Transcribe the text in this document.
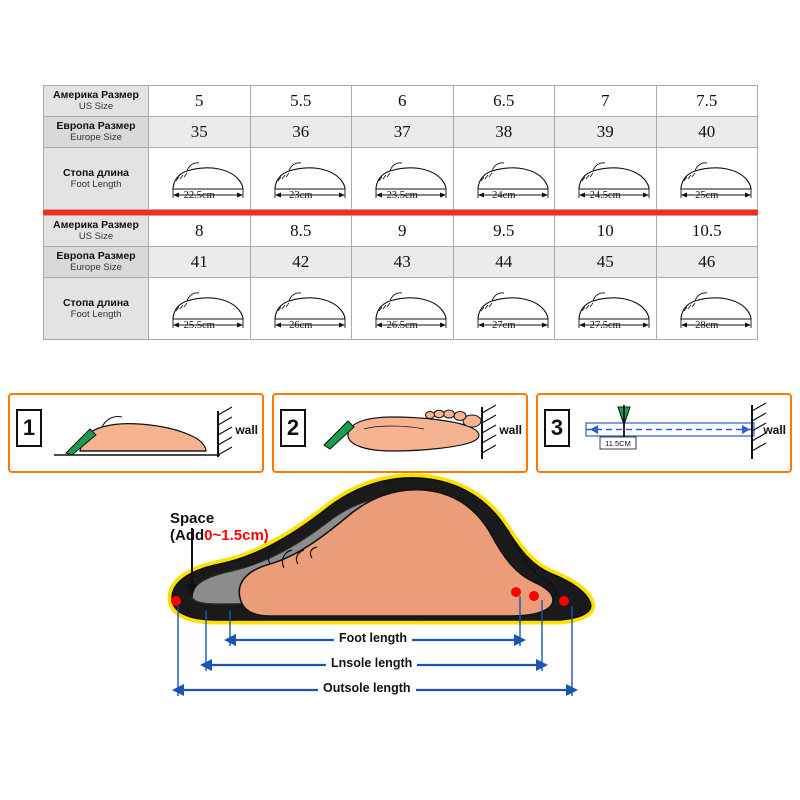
Америка Размер
US Size	5	5.5	6	6.5	7	7.5

Европа Размер
Europe Size	35	36	37	38	39	40

Стопа длина
Foot Length	22.5cm	23cm	23.5cm	24cm	24.5cm	25cm
Америка Размер
US Size	8	8.5	9	9.5	10	10.5

Европа Размер
Europe Size	41	42	43	44	45	46

Стопа длина
Foot Length	25.5cm	26cm	26.5cm	27cm	27.5cm	28cm
1	wall	2	wall	3
11.5CM
wall
Space
(Add0~1.5cm)
Foot length
Lnsole length
Outsole length
